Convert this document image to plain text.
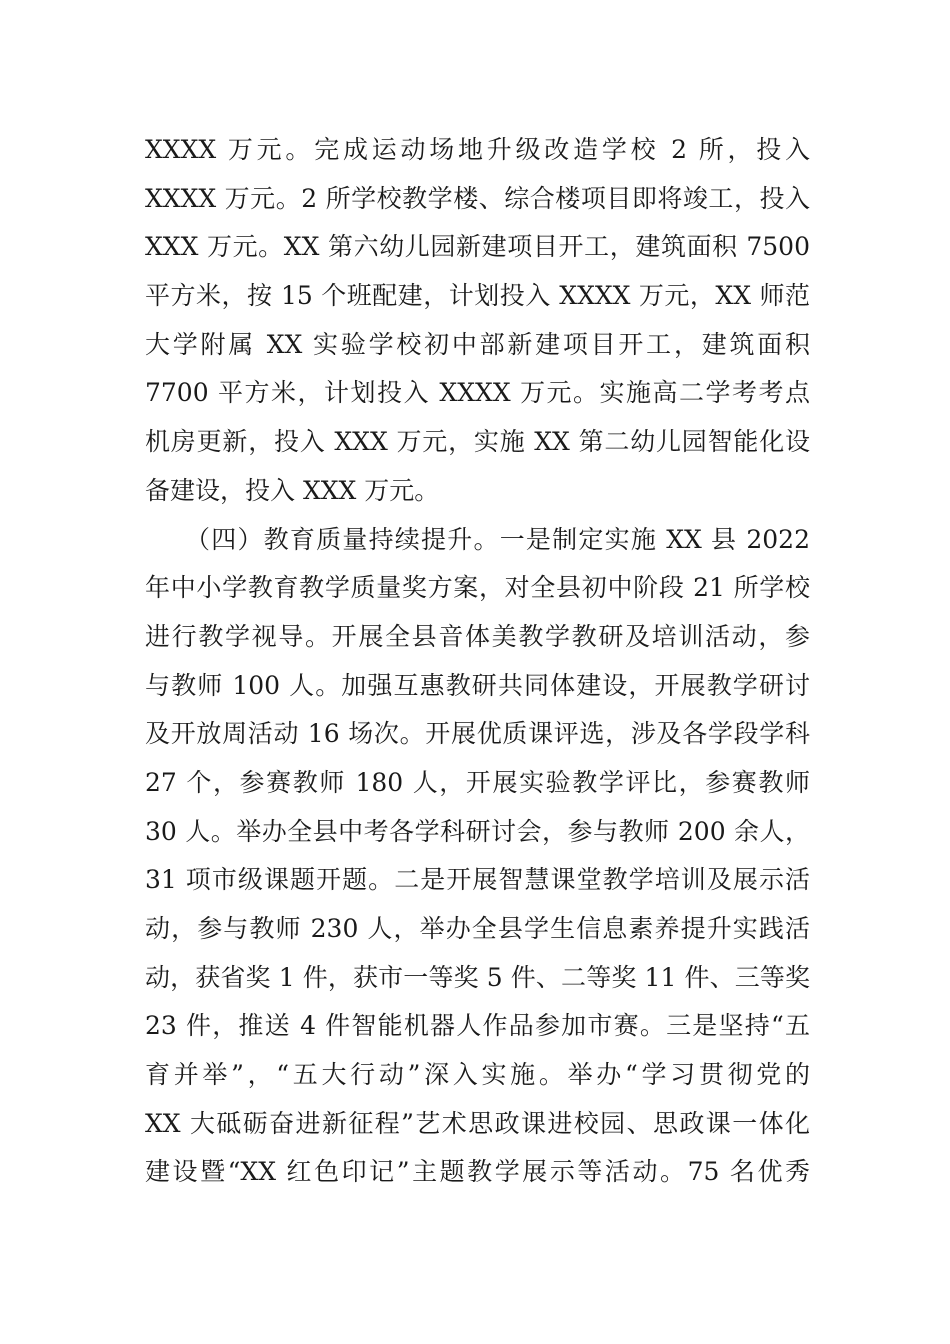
XXXX 万元。完成运动场地升级改造学校 2 所，投入
XXXX 万元。2 所学校教学楼、综合楼项目即将竣工，投入
XXX 万元。XX 第六幼儿园新建项目开工，建筑面积 7500
平方米，按 15 个班配建，计划投入 XXXX 万元，XX 师范
大学附属 XX 实验学校初中部新建项目开工，建筑面积
7700 平方米，计划投入 XXXX 万元。实施高二学考考点
机房更新，投入 XXX 万元，实施 XX 第二幼儿园智能化设
备建设，投入 XXX 万元。
（四）教育质量持续提升。一是制定实施 XX 县 2022
年中小学教育教学质量奖方案，对全县初中阶段 21 所学校
进行教学视导。开展全县音体美教学教研及培训活动，参
与教师 100 人。加强互惠教研共同体建设，开展教学研讨
及开放周活动 16 场次。开展优质课评选，涉及各学段学科
27 个，参赛教师 180 人，开展实验教学评比，参赛教师
30 人。举办全县中考各学科研讨会，参与教师 200 余人，
31 项市级课题开题。二是开展智慧课堂教学培训及展示活
动，参与教师 230 人，举办全县学生信息素养提升实践活
动，获省奖 1 件，获市一等奖 5 件、二等奖 11 件、三等奖
23 件，推送 4 件智能机器人作品参加市赛。三是坚持“五
育并举”，“五大行动”深入实施。举办“学习贯彻党的
XX 大砥砺奋进新征程”艺术思政课进校园、思政课一体化
建设暨“XX 红色印记”主题教学展示等活动。75 名优秀
